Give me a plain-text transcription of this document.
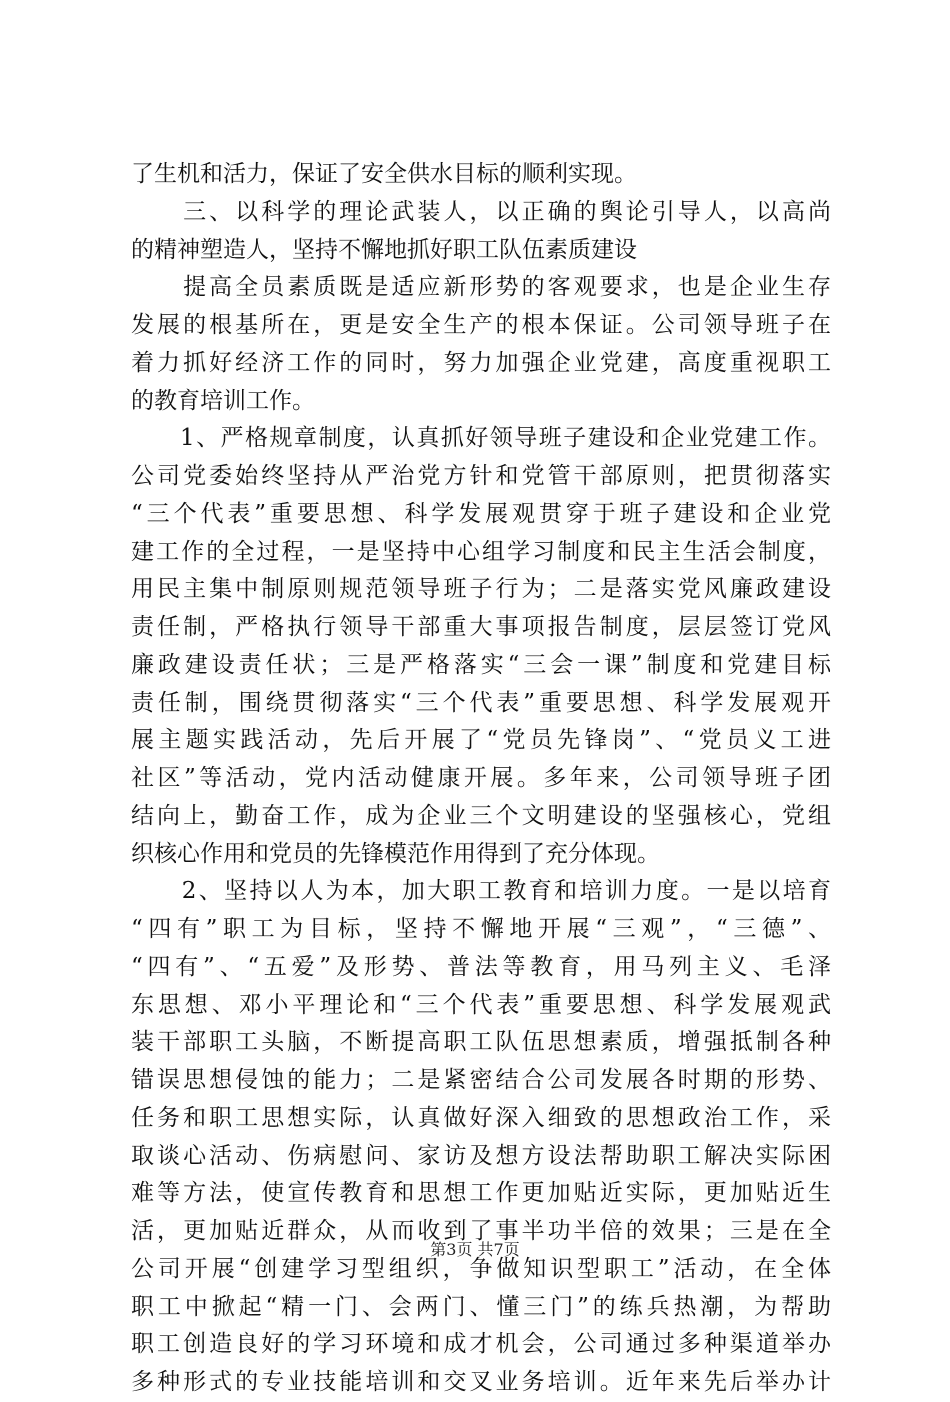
了生机和活力，保证了安全供水目标的顺利实现。
　　三、以科学的理论武装人，以正确的舆论引导人，以高尚
的精神塑造人，坚持不懈地抓好职工队伍素质建设
　　提高全员素质既是适应新形势的客观要求，也是企业生存
发展的根基所在，更是安全生产的根本保证。公司领导班子在
着力抓好经济工作的同时，努力加强企业党建，高度重视职工
的教育培训工作。
　　1、严格规章制度，认真抓好领导班子建设和企业党建工作。
公司党委始终坚持从严治党方针和党管干部原则，把贯彻落实
“三个代表”重要思想、科学发展观贯穿于班子建设和企业党
建工作的全过程，一是坚持中心组学习制度和民主生活会制度，
用民主集中制原则规范领导班子行为；二是落实党风廉政建设
责任制，严格执行领导干部重大事项报告制度，层层签订党风
廉政建设责任状；三是严格落实“三会一课”制度和党建目标
责任制，围绕贯彻落实“三个代表”重要思想、科学发展观开
展主题实践活动，先后开展了“党员先锋岗”、“党员义工进
社区”等活动，党内活动健康开展。多年来，公司领导班子团
结向上，勤奋工作，成为企业三个文明建设的坚强核心，党组
织核心作用和党员的先锋模范作用得到了充分体现。
　　2、坚持以人为本，加大职工教育和培训力度。一是以培育
“四有”职工为目标，坚持不懈地开展“三观”，“三德”、
“四有”、“五爱”及形势、普法等教育，用马列主义、毛泽
东思想、邓小平理论和“三个代表”重要思想、科学发展观武
装干部职工头脑，不断提高职工队伍思想素质，增强抵制各种
错误思想侵蚀的能力；二是紧密结合公司发展各时期的形势、
任务和职工思想实际，认真做好深入细致的思想政治工作，采
取谈心活动、伤病慰问、家访及想方设法帮助职工解决实际困
难等方法，使宣传教育和思想工作更加贴近实际，更加贴近生
活，更加贴近群众，从而收到了事半功半倍的效果；三是在全
公司开展“创建学习型组织，争做知识型职工”活动，在全体
职工中掀起“精一门、会两门、懂三门”的练兵热潮，为帮助
职工创造良好的学习环境和成才机会，公司通过多种渠道举办
多种形式的专业技能培训和交叉业务培训。近年来先后举办计
第3页 共7页
